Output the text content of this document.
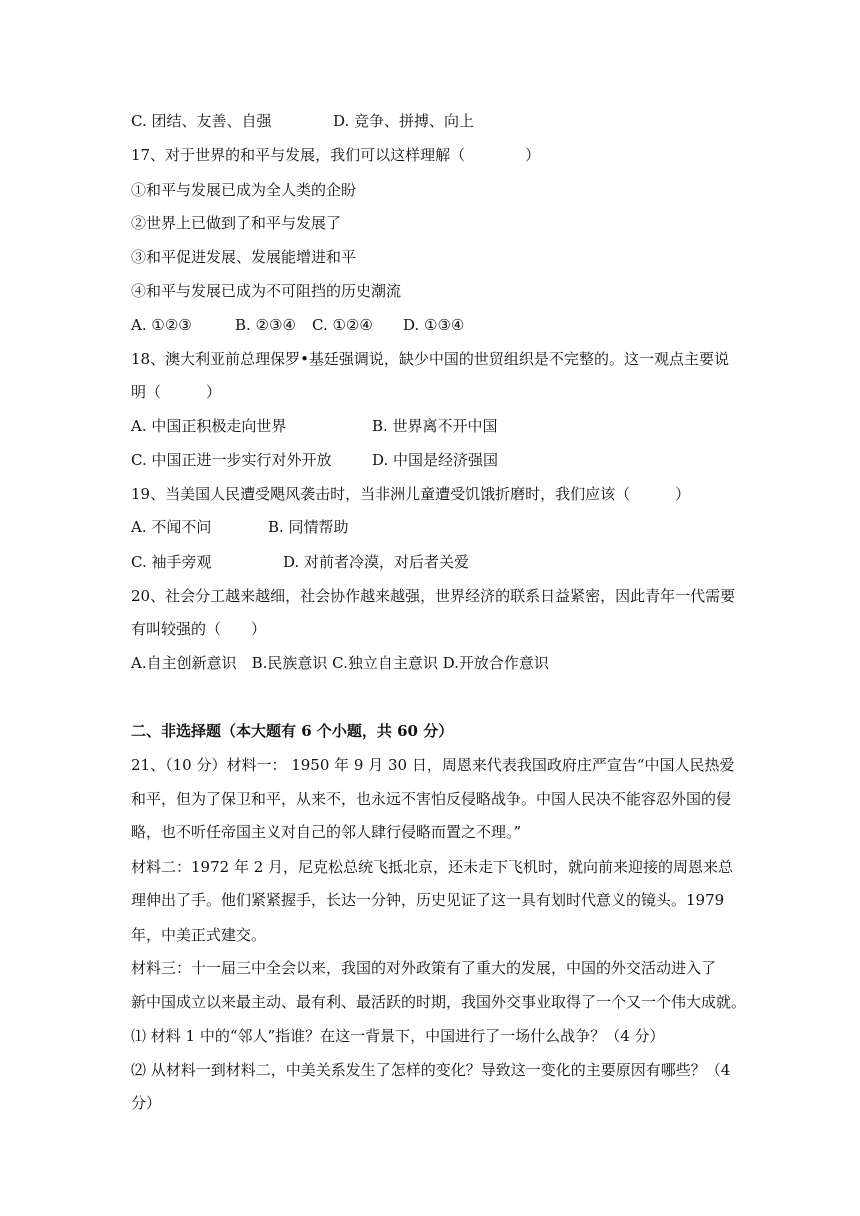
C. 团结、友善、自强	D. 竞争、拼搏、向上
17、对于世界的和平与发展，我们可以这样理解（　　　　）
①和平与发展已成为全人类的企盼
②世界上已做到了和平与发展了
③和平促进发展、发展能增进和平
④和平与发展已成为不可阻挡的历史潮流
A. ①②③	B. ②③④ C. ①②④ D. ①③④
18、澳大利亚前总理保罗•基廷强调说，缺少中国的世贸组织是不完整的。这一观点主要说
明（　　　）
A. 中国正积极走向世界	B. 世界离不开中国
C. 中国正进一步实行对外开放	D. 中国是经济强国
19、当美国人民遭受飓风袭击时，当非洲儿童遭受饥饿折磨时，我们应该（　　　）
A. 不闻不问	B. 同情帮助
C. 袖手旁观	D. 对前者冷漠，对后者关爱
20、社会分工越来越细，社会协作越来越强，世界经济的联系日益紧密，因此青年一代需要
有叫较强的（　　）
A.自主创新意识　B.民族意识 C.独立自主意识 D.开放合作意识
二、非选择题（本大题有 6 个小题，共 60 分）
21、（10 分）材料一： 1950 年 9 月 30 日，周恩来代表我国政府庄严宣告“中国人民热爱
和平，但为了保卫和平，从来不，也永远不害怕反侵略战争。中国人民决不能容忍外国的侵
略，也不听任帝国主义对自己的邻人肆行侵略而置之不理。”
材料二：1972 年 2 月，尼克松总统飞抵北京，还未走下飞机时，就向前来迎接的周恩来总
理伸出了手。他们紧紧握手，长达一分钟，历史见证了这一具有划时代意义的镜头。1979
年，中美正式建交。
材料三：十一届三中全会以来，我国的对外政策有了重大的发展，中国的外交活动进入了
新中国成立以来最主动、最有利、最活跃的时期，我国外交事业取得了一个又一个伟大成就。
⑴ 材料 1 中的“邻人”指谁？在这一背景下，中国进行了一场什么战争？（4 分）
⑵ 从材料一到材料二，中美关系发生了怎样的变化？导致这一变化的主要原因有哪些？（4
分）
